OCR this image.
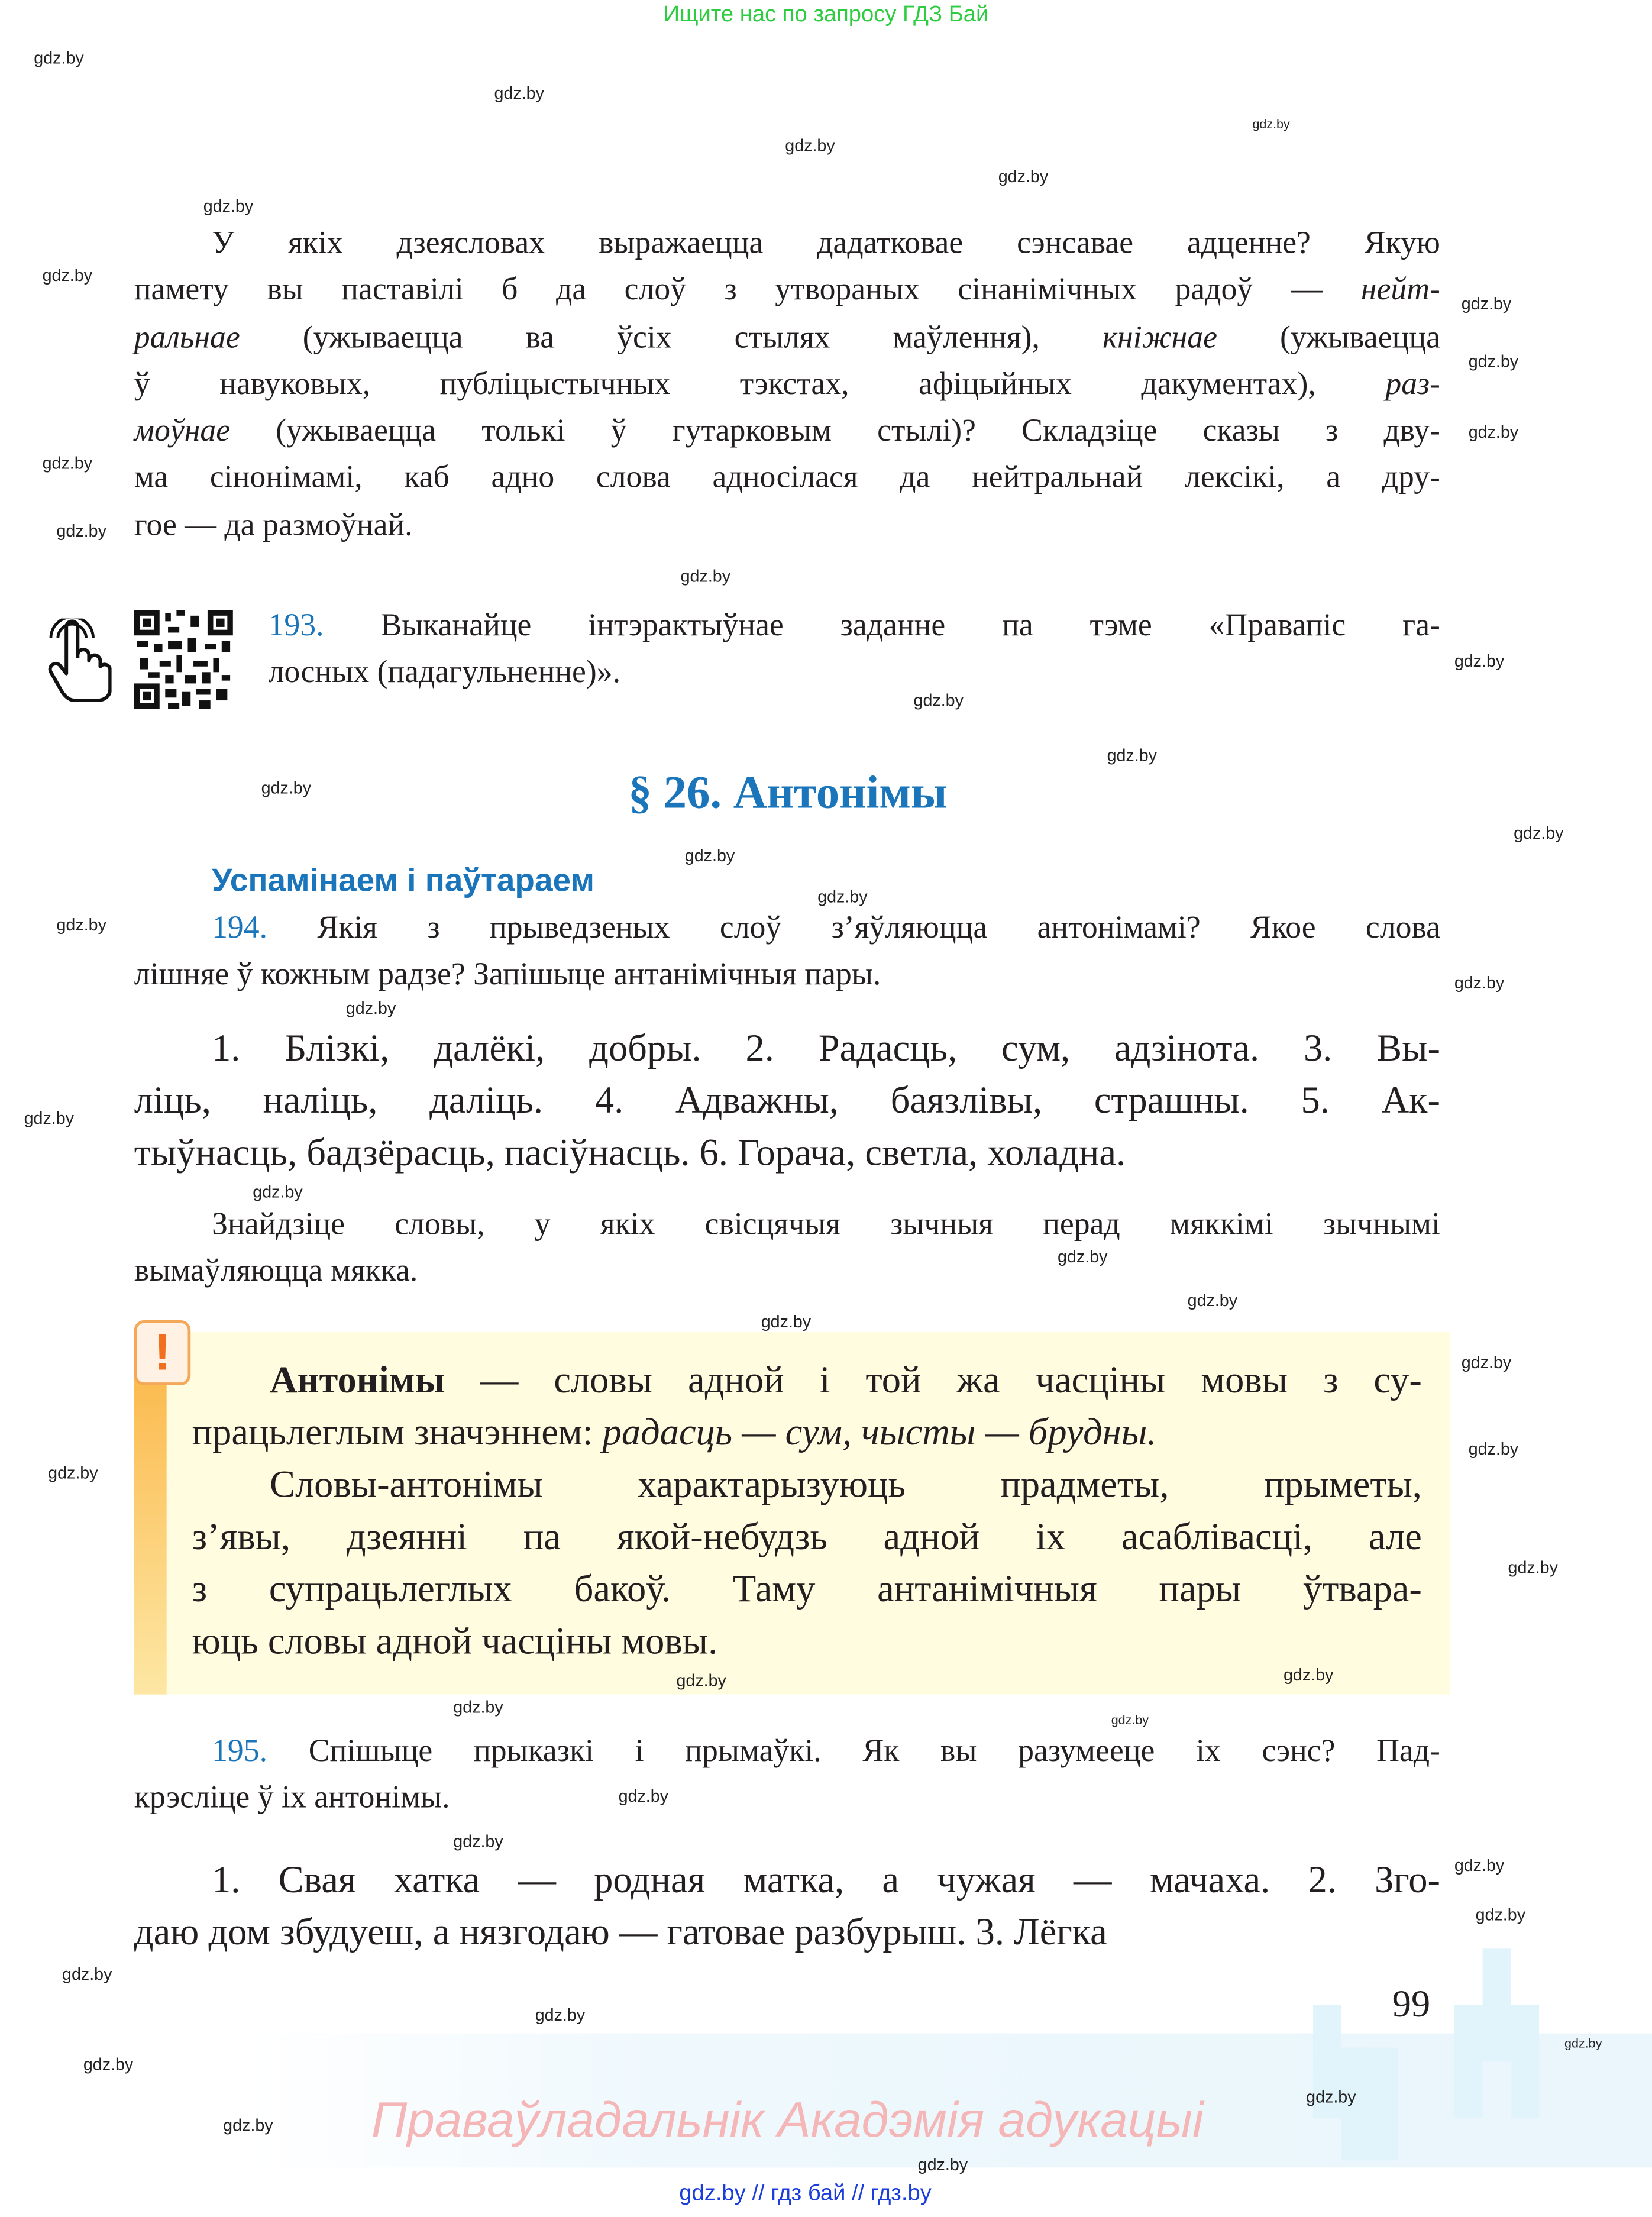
Ищите нас по запросу ГДЗ Бай
У якіх дзеясловах выражаецца дадатковае сэнсавае адценне? Якую
памету вы паставілі б да слоў з утвораных сінанімічных радоў — нейт-
ральнае (ужываецца ва ўсіх стылях маўлення), кніжнае (ужываецца
ў навуковых, публіцыстычных тэкстах, афіцыйных дакументах), раз-
моўнае (ужываецца толькі ў гутарковым стылі)? Складзіце сказы з дву-
ма сінонімамі, каб адно слова адносілася да нейтральнай лексікі, а дру-
гое — да размоўнай.
193. Выканайце інтэрактыўнае заданне па тэме «Правапіс га-
лосных (падагульненне)».
§ 26. Антонімы
Успамінаем і паўтараем
194. Якія з прыведзеных слоў з’яўляюцца антонімамі? Якое слова
лішняе ў кожным радзе? Запішыце антанімічныя пары.
1. Блізкі, далёкі, добры. 2. Радасць, сум, адзінота. 3. Вы-
ліць, наліць, даліць. 4. Адважны, баязлівы, страшны. 5. Ак-
тыўнасць, бадзёрасць, пасіўнасць. 6. Горача, светла, холадна.
Знайдзіце словы, у якіх свісцячыя зычныя перад мяккімі зычнымі
вымаўляюцца мякка.
!	Антонімы — словы адной і той жа часціны мовы з су-
працьлеглым значэннем: радасць — сум, чысты — брудны.
Словы-антонімы характарызуюць прадметы, прыметы,
з’явы, дзеянні па якой-небудзь адной іх асаблівасці, але
з супрацьлеглых бакоў. Таму антанімічныя пары ўтвара-
юць словы адной часціны мовы.
195. Спішыце прыказкі і прымаўкі. Як вы разумееце іх сэнс? Пад-
крэсліце ў іх антонімы.
1. Свая хатка — родная матка, а чужая — мачаха. 2. Зго-
даю дом збудуеш, а нязгодаю — гатовае разбурыш. 3. Лёгка
99
Праваўладальнік Акадэмія адукацыі
gdz.by // гдз бай // гдз.by
gdz.by
gdz.by
gdz.by
gdz.by
gdz.by
gdz.by
gdz.by
gdz.by
gdz.by
gdz.by
gdz.by
gdz.by
gdz.by
gdz.by
gdz.by
gdz.by
gdz.by
gdz.by
gdz.by
gdz.by
gdz.by
gdz.by
gdz.by
gdz.by
gdz.by
gdz.by
gdz.by
gdz.by
gdz.by
gdz.by
gdz.by
gdz.by
gdz.by
gdz.by
gdz.by
gdz.by
gdz.by
gdz.by
gdz.by
gdz.by
gdz.by
gdz.by
gdz.by
gdz.by
gdz.by
gdz.by
gdz.by
